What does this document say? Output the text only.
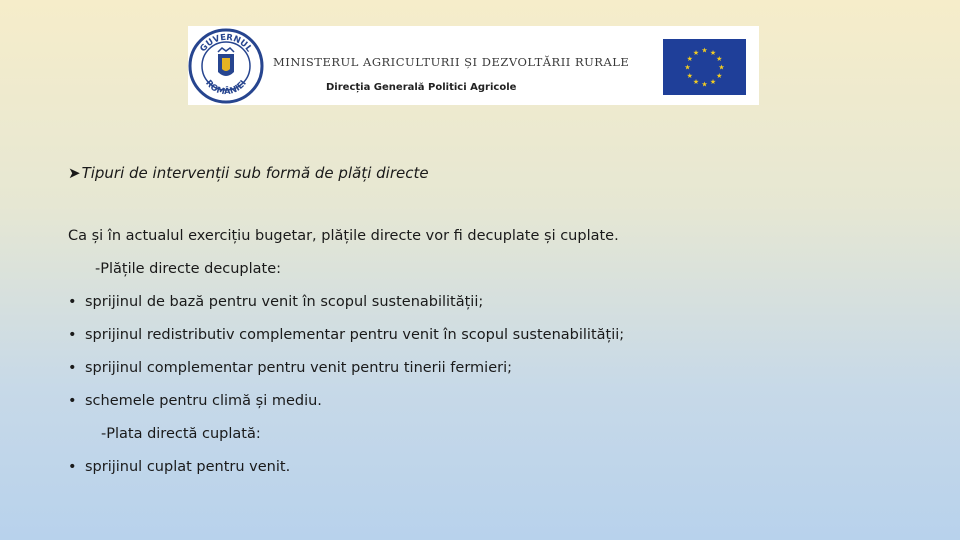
GUVERNUL
ROMÂNIEI
MINISTERUL AGRICULTURII ȘI DEZVOLTĂRII RURALE
Direcția Generală Politici Agricole
★ ★
★
★
★
★
★
★
★
★
★
★
➤Tipuri de intervenții sub formă de plăți directe
Ca și în actualul exercițiu bugetar, plățile directe vor fi decuplate și cuplate.
-Plățile directe decuplate:
• sprijinul de bază pentru venit în scopul sustenabilității;
• sprijinul redistributiv complementar pentru venit în scopul sustenabilității;
• sprijinul complementar pentru venit pentru tinerii fermieri;
• schemele pentru climă și mediu.
-Plata directă cuplată:
• sprijinul cuplat pentru venit.
